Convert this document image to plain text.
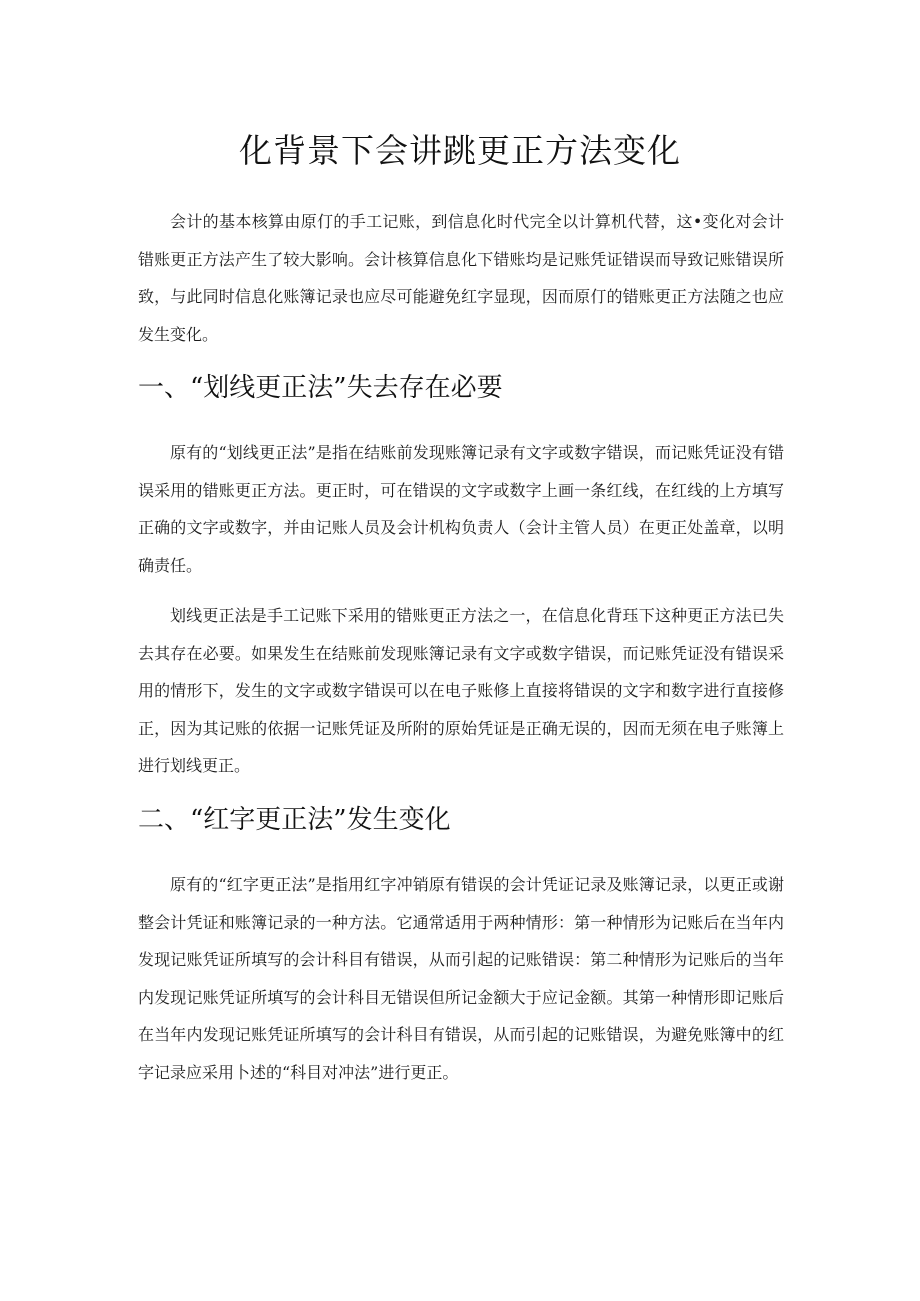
化背景下会讲跳更正方法变化

会计的基本核算由原仃的手工记账，到信息化时代完全以计算机代替，这•变化对会计错账更正方法产生了较大影响。会计核算信息化下错账均是记账凭证错误而导致记账错误所致，与此同时信息化账簿记录也应尽可能避免红字显现，因而原仃的错账更正方法随之也应发生变化。

一、“划线更正法”失去存在必要

原有的“划线更正法”是指在结账前发现账簿记录有文字或数字错误，而记账凭证没有错误采用的错账更正方法。更正时，可在错误的文字或数字上画一条红线，在红线的上方填写正确的文字或数字，并由记账人员及会计机构负责人（会计主管人员）在更正处盖章，以明确责任。

划线更正法是手工记账下采用的错账更正方法之一，在信息化背珏下这种更正方法已失去其存在必要。如果发生在结账前发现账簿记录有文字或数字错误，而记账凭证没有错误采用的情形下，发生的文字或数字错误可以在电子账修上直接将错误的文字和数字进行直接修正，因为其记账的依据一记账凭证及所附的原始凭证是正确无误的，因而无须在电子账簿上进行划线更正。

二、“红字更正法”发生变化

原有的“红字更正法”是指用红字冲销原有错误的会计凭证记录及账簿记录，以更正或谢整会计凭证和账簿记录的一种方法。它通常适用于两种情形：第一种情形为记账后在当年内发现记账凭证所填写的会计科目有错误，从而引起的记账错误：第二种情形为记账后的当年内发现记账凭证所填写的会计科目无错误但所记金额大于应记金额。其第一种情形即记账后在当年内发现记账凭证所填写的会计科目有错误，从而引起的记账错误，为避免账簿中的红字记录应采用卜述的“科目对冲法”进行更正。
